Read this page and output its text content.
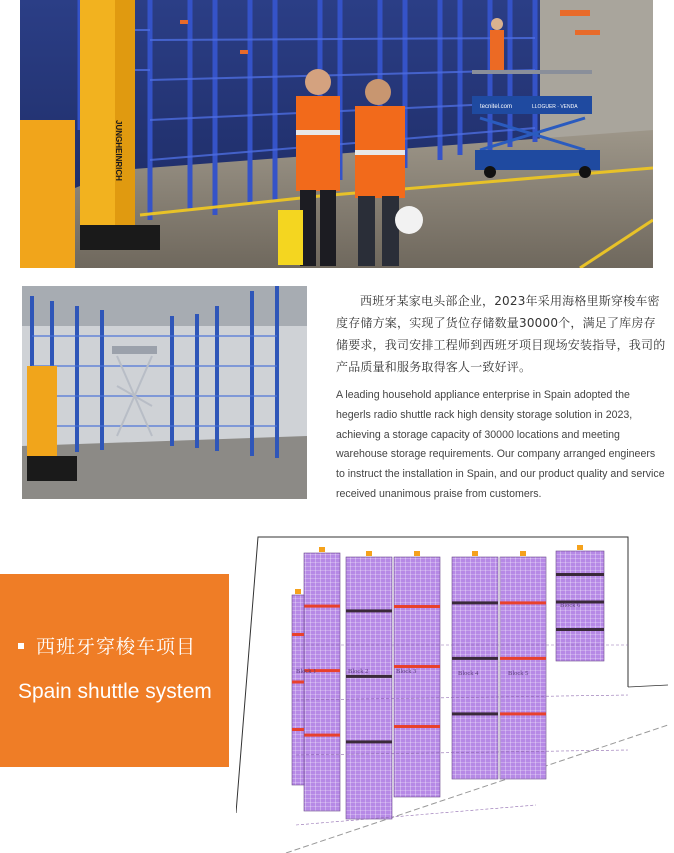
JUNGHEINRICH
tecnitel.com	LLOGUER · VENDA

西班牙某家电头部企业，2023年采用海格里斯穿梭车密度存储方案，实现了货位存储数量30000个，满足了库房存储要求，我司安排工程师到西班牙项目现场安装指导，我司的产品质量和服务取得客人一致好评。

A leading household appliance enterprise in Spain adopted the hegerls radio shuttle rack high density storage solution in 2023, achieving a storage capacity of 30000 locations and meeting warehouse storage requirements. Our company arranged engineers to instruct the installation in Spain, and our product quality and service received unanimous praise from customers.

西班牙穿梭车项目
Spain shuttle system
Block 1	Block 2	Block 3	Block 4	Block 5
Block 6
